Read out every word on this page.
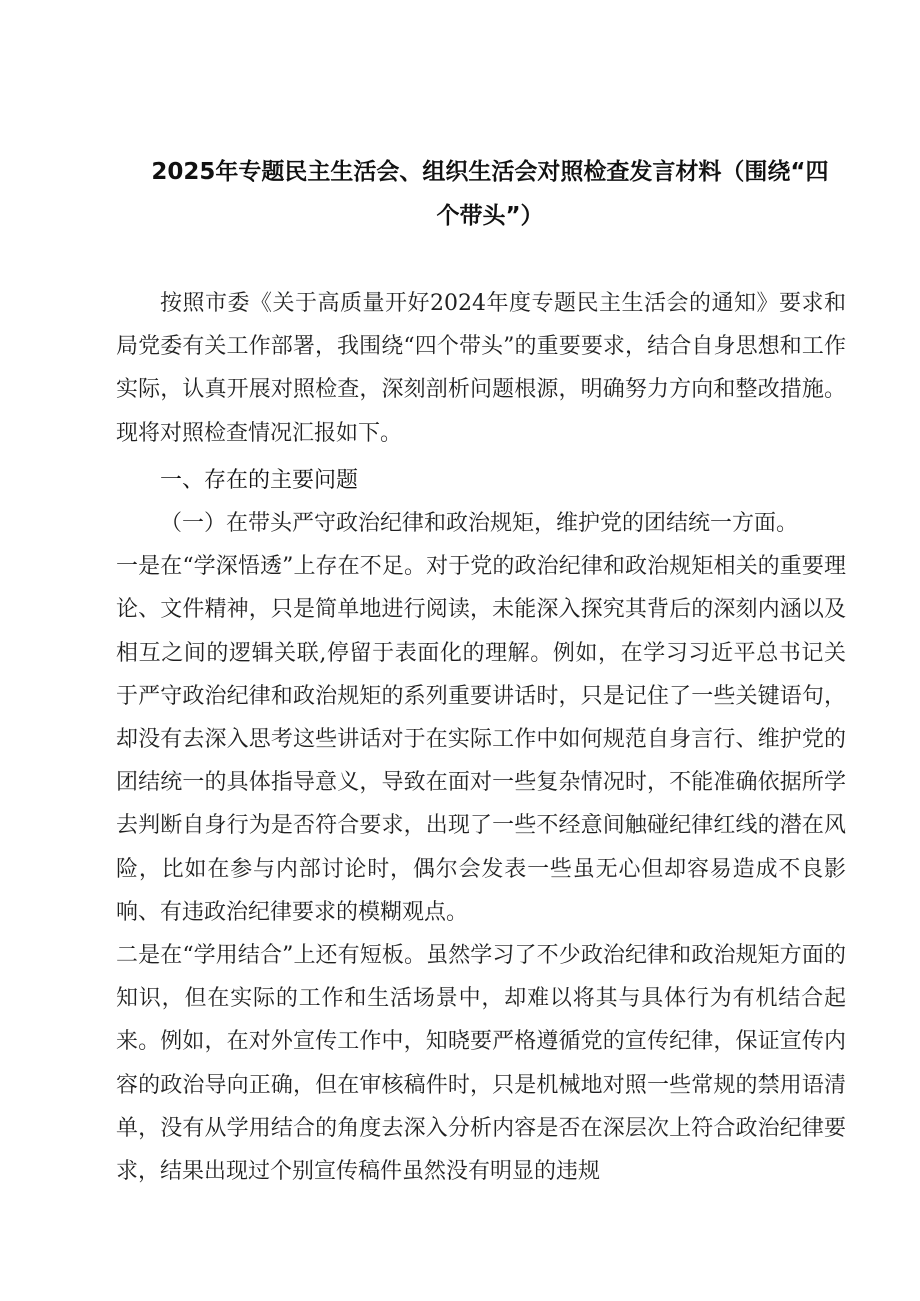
2025年专题民主生活会、组织生活会对照检查发言材料（围绕“四
个带头”）

按照市委《关于高质量开好2024年度专题民主生活会的通知》要求和局党委有关工作部署，我围绕“四个带头”的重要要求，结合自身思想和工作实际，认真开展对照检查，深刻剖析问题根源，明确努力方向和整改措施。现将对照检查情况汇报如下。

一、存在的主要问题

（一）在带头严守政治纪律和政治规矩，维护党的团结统一方面。

一是在“学深悟透”上存在不足。对于党的政治纪律和政治规矩相关的重要理论、文件精神，只是简单地进行阅读，未能深入探究其背后的深刻内涵以及相互之间的逻辑关联,停留于表面化的理解。例如，在学习习近平总书记关于严守政治纪律和政治规矩的系列重要讲话时，只是记住了一些关键语句，却没有去深入思考这些讲话对于在实际工作中如何规范自身言行、维护党的团结统一的具体指导意义，导致在面对一些复杂情况时，不能准确依据所学去判断自身行为是否符合要求，出现了一些不经意间触碰纪律红线的潜在风险，比如在参与内部讨论时，偶尔会发表一些虽无心但却容易造成不良影响、有违政治纪律要求的模糊观点。

二是在“学用结合”上还有短板。虽然学习了不少政治纪律和政治规矩方面的知识，但在实际的工作和生活场景中，却难以将其与具体行为有机结合起来。例如，在对外宣传工作中，知晓要严格遵循党的宣传纪律，保证宣传内容的政治导向正确，但在审核稿件时，只是机械地对照一些常规的禁用语清单，没有从学用结合的角度去深入分析内容是否在深层次上符合政治纪律要求，结果出现过个别宣传稿件虽然没有明显的违规
